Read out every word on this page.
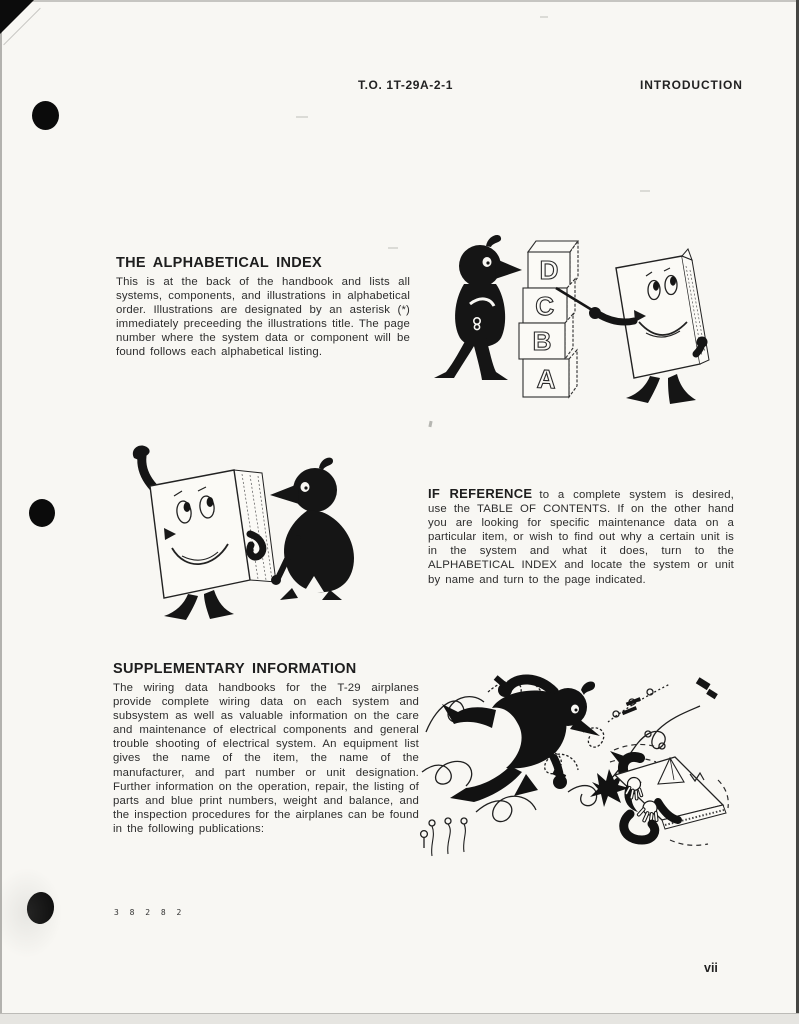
T.O. 1T-29A-2-1	INTRODUCTION
THE ALPHABETICAL INDEX

This is at the back of the handbook and lists all systems, components, and illustrations in alphabetical order. Illustrations are designated by an asterisk (*) immediately preceeding the illustrations title. The page number where the system data or component will be found follows each alphabetical listing.

D
C
B
A

IF REFERENCE to a complete system is desired, use the TABLE OF CONTENTS. If on the other hand you are looking for specific maintenance data on a particular item, or wish to find out why a certain unit is in the system and what it does, turn to the ALPHABETICAL INDEX and locate the system or unit by name and turn to the page indicated.

SUPPLEMENTARY INFORMATION

The wiring data handbooks for the T-29 airplanes provide complete wiring data on each system and subsystem as well as valuable information on the care and maintenance of electrical components and general trouble shooting of electrical system. An equipment list gives the name of the item, the name of the manufacturer, and part number or unit designation. Further information on the operation, repair, the listing of parts and blue print numbers, weight and balance, and the inspection procedures for the airplanes can be found in the following publications:

3 8 2 8 2
vii
